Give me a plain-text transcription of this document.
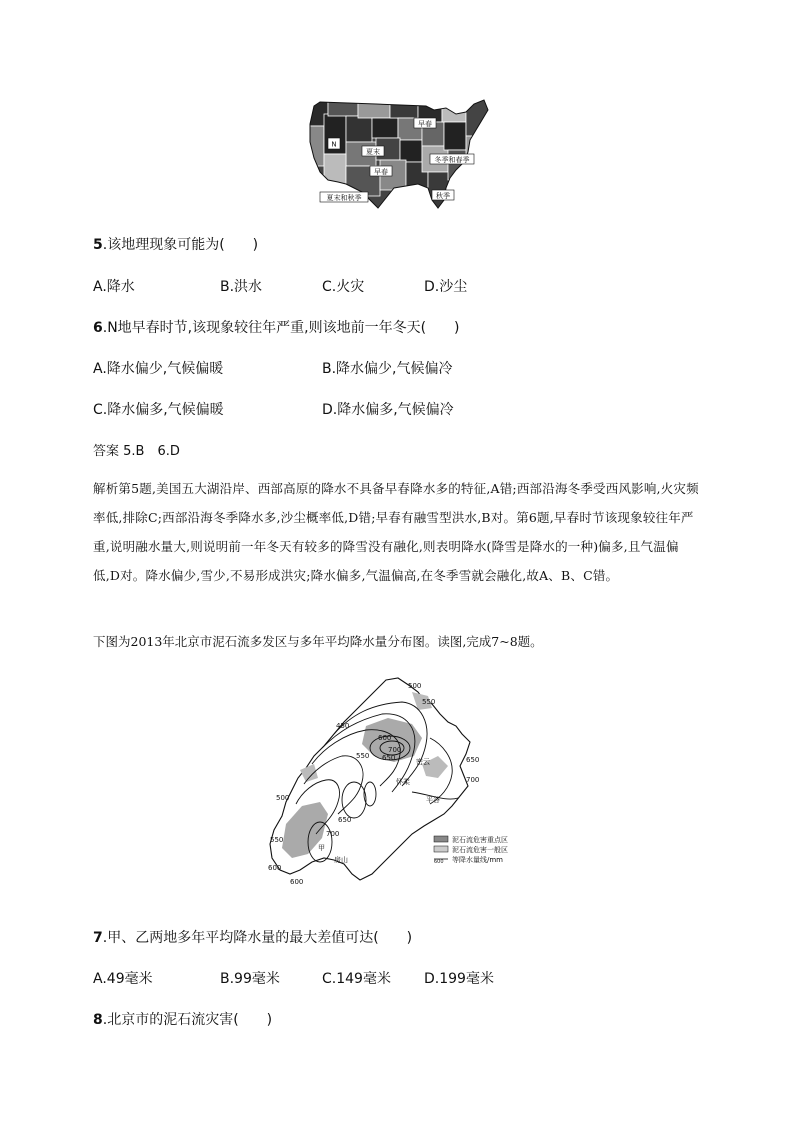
N
夏末
早春
早春
冬季和春季
夏末和秋季	秋季
5.该地理现象可能为(　　)
A.降水	B.洪水	C.火灾	D.沙尘
6.N地早春时节,该现象较往年严重,则该地前一年冬天(　　)
A.降水偏少,气候偏暖	B.降水偏少,气候偏冷
C.降水偏多,气候偏暖	D.降水偏多,气候偏冷
答案 5.B　6.D
解析第5题,美国五大湖沿岸、西部高原的降水不具备早春降水多的特征,A错;西部沿海冬季受西风影响,火灾频率低,排除C;西部沿海冬季降水多,沙尘概率低,D错;早春有融雪型洪水,B对。第6题,早春时节该现象较往年严重,说明融水量大,则说明前一年冬天有较多的降雪没有融化,则表明降水(降雪是降水的一种)偏多,且气温偏低,D对。降水偏少,雪少,不易形成洪灾;降水偏多,气温偏高,在冬季雪就会融化,故A、B、C错。
下图为2013年北京市泥石流多发区与多年平均降水量分布图。读图,完成7~8题。
500
550
450
500
550
600
650
700
550
600
650
700
600
650
700
密云
怀柔
平谷
甲
房山
泥石流危害重点区
泥石流危害一般区
600 等降水量线/mm
7.甲、乙两地多年平均降水量的最大差值可达(　　)
A.49毫米	B.99毫米	C.149毫米 D.199毫米
8.北京市的泥石流灾害(　　)
